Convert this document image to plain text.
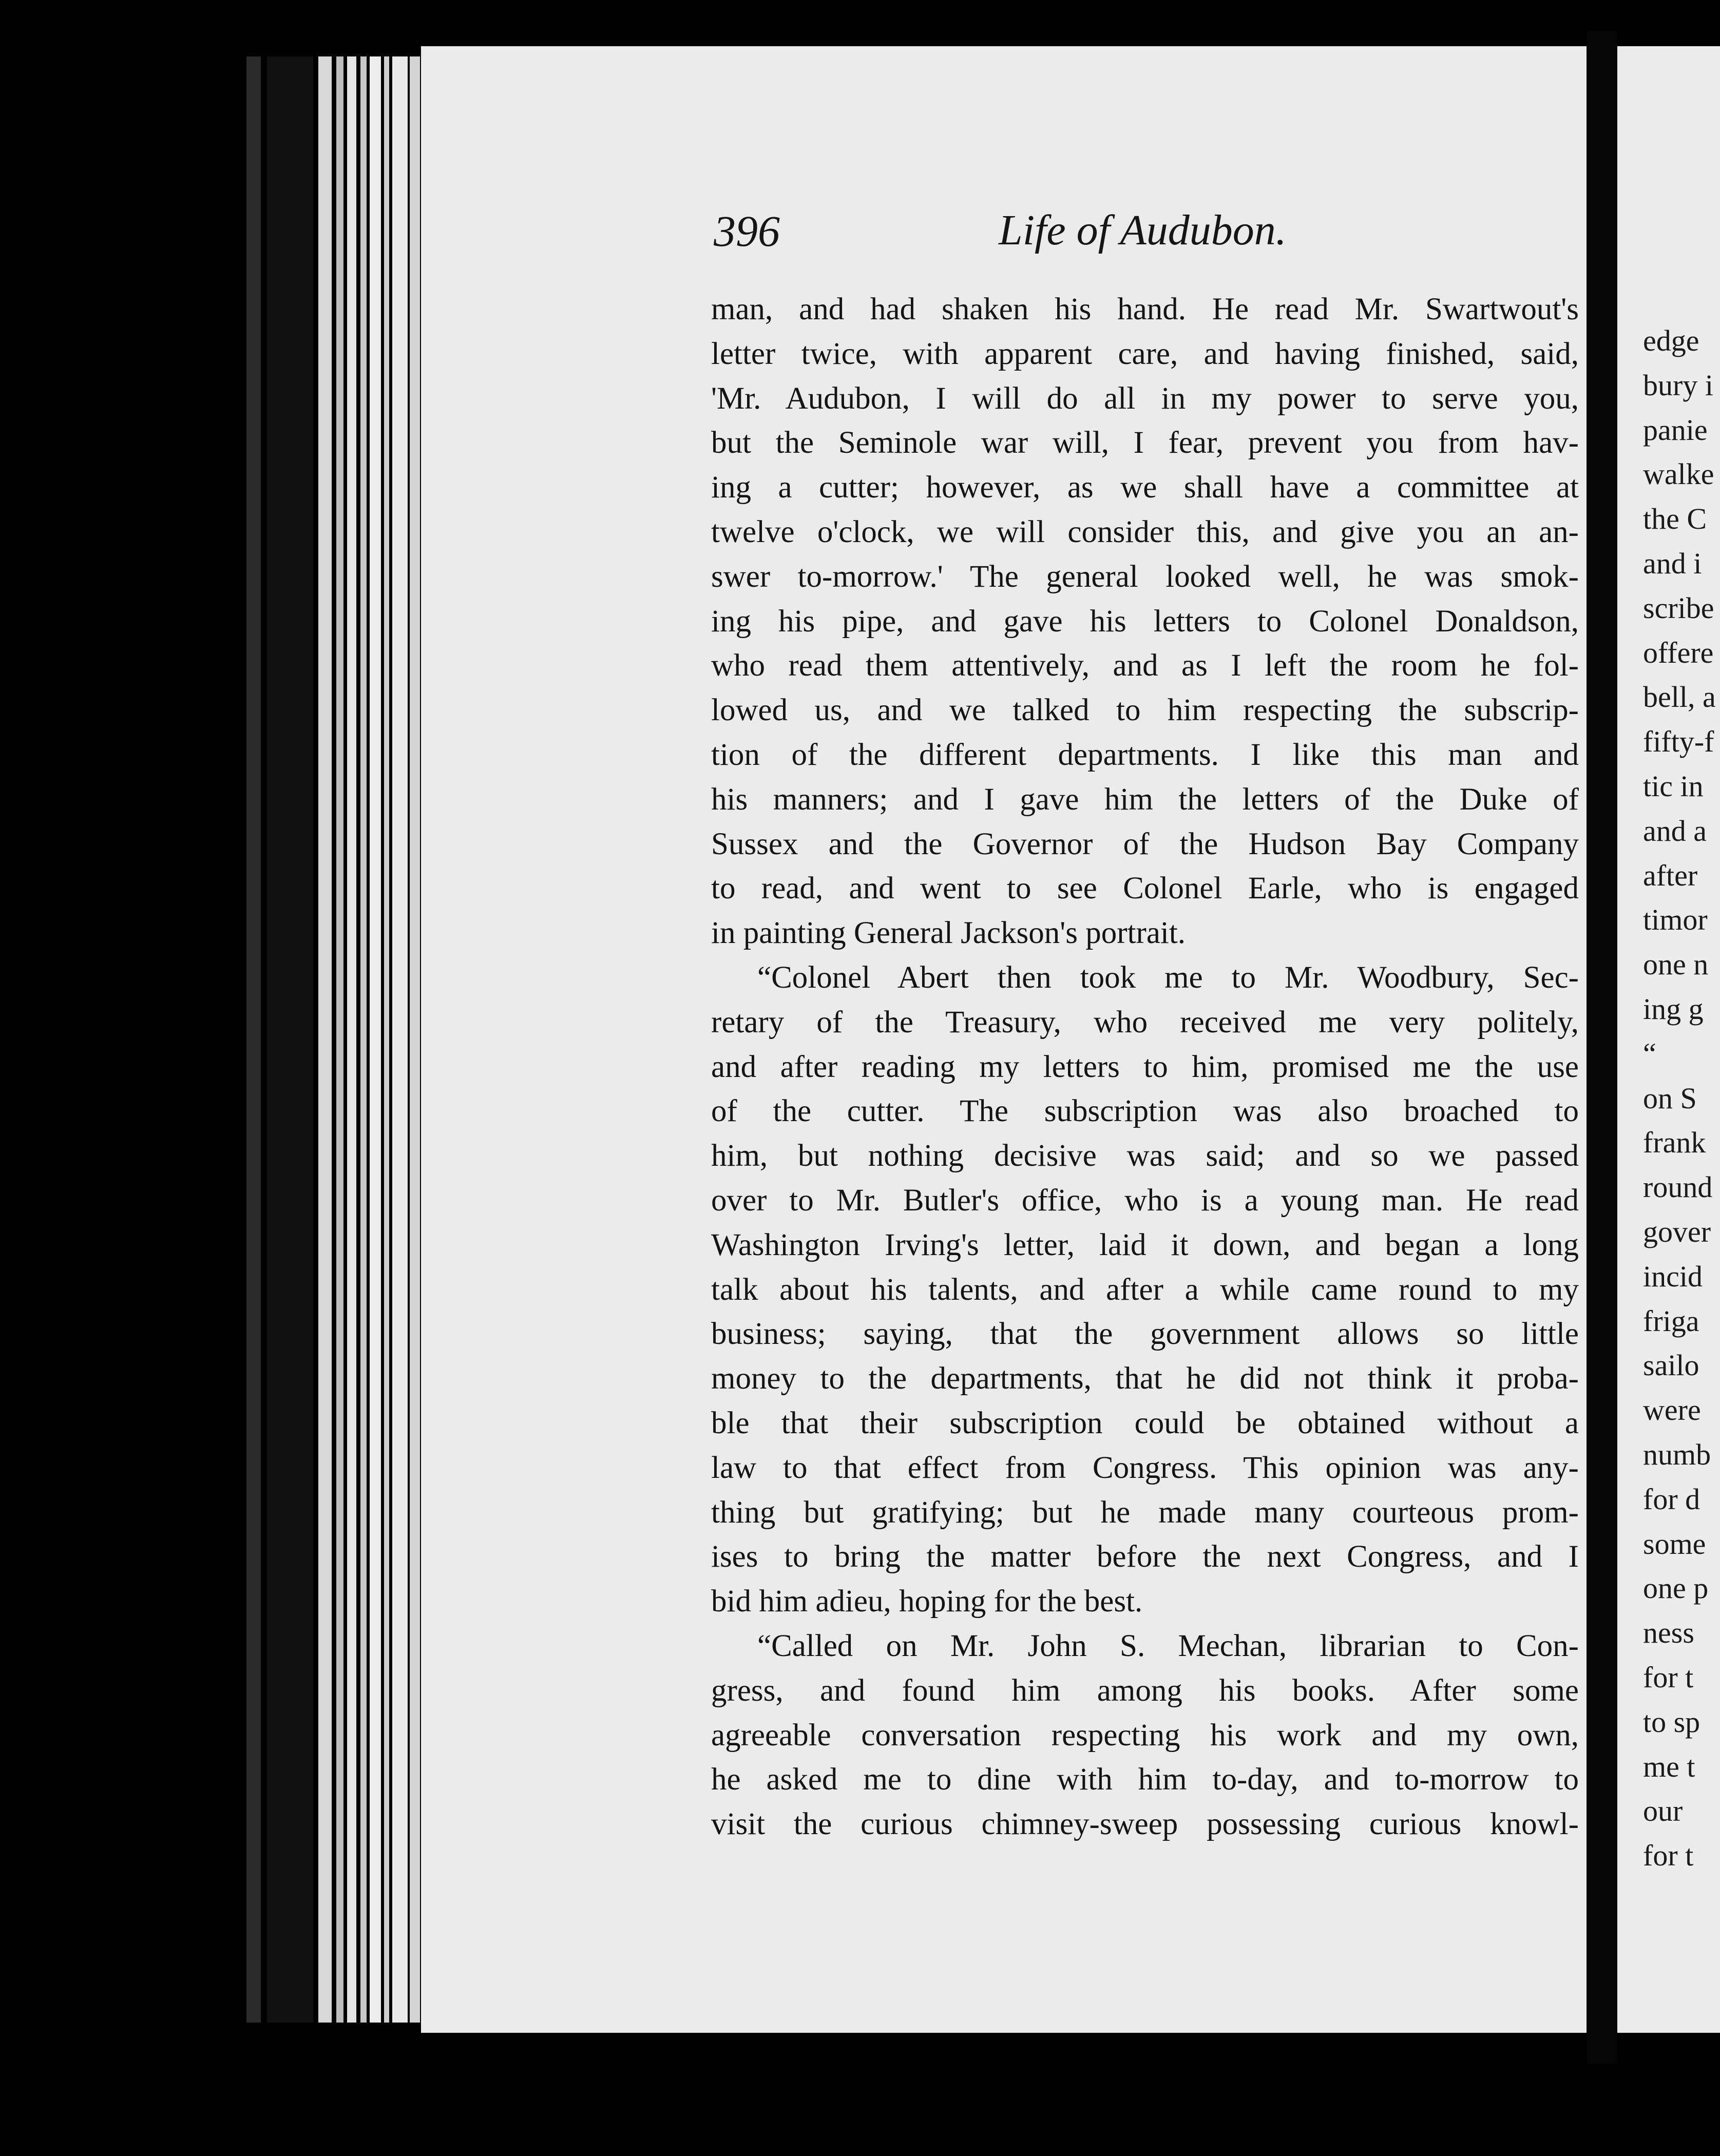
396	Life of Audubon.
man, and had shaken his hand. He read Mr. Swartwout's
letter twice, with apparent care, and having finished, said,
'Mr. Audubon, I will do all in my power to serve you,
but the Seminole war will, I fear, prevent you from hav-
ing a cutter; however, as we shall have a committee at
twelve o'clock, we will consider this, and give you an an-
swer to-morrow.' The general looked well, he was smok-
ing his pipe, and gave his letters to Colonel Donaldson,
who read them attentively, and as I left the room he fol-
lowed us, and we talked to him respecting the subscrip-
tion of the different departments. I like this man and
his manners; and I gave him the letters of the Duke of
Sussex and the Governor of the Hudson Bay Company
to read, and went to see Colonel Earle, who is engaged
in painting General Jackson's portrait.
“Colonel Abert then took me to Mr. Woodbury, Sec-
retary of the Treasury, who received me very politely,
and after reading my letters to him, promised me the use
of the cutter. The subscription was also broached to
him, but nothing decisive was said; and so we passed
over to Mr. Butler's office, who is a young man. He read
Washington Irving's letter, laid it down, and began a long
talk about his talents, and after a while came round to my
business; saying, that the government allows so little
money to the departments, that he did not think it proba-
ble that their subscription could be obtained without a
law to that effect from Congress. This opinion was any-
thing but gratifying; but he made many courteous prom-
ises to bring the matter before the next Congress, and I
bid him adieu, hoping for the best.
“Called on Mr. John S. Mechan, librarian to Con-
gress, and found him among his books. After some
agreeable conversation respecting his work and my own,
he asked me to dine with him to-day, and to-morrow to
visit the curious chimney-sweep possessing curious knowl-
edge
bury i
panie
walke
the C
and i
scribe
offere
bell, a
fifty-f
tic in
and a
after
timor
one n
ing g
“
on S
frank
round
gover
incid
friga
sailo
were
numb
for d
some
one p
ness
for t
to sp
me t
our
for t
